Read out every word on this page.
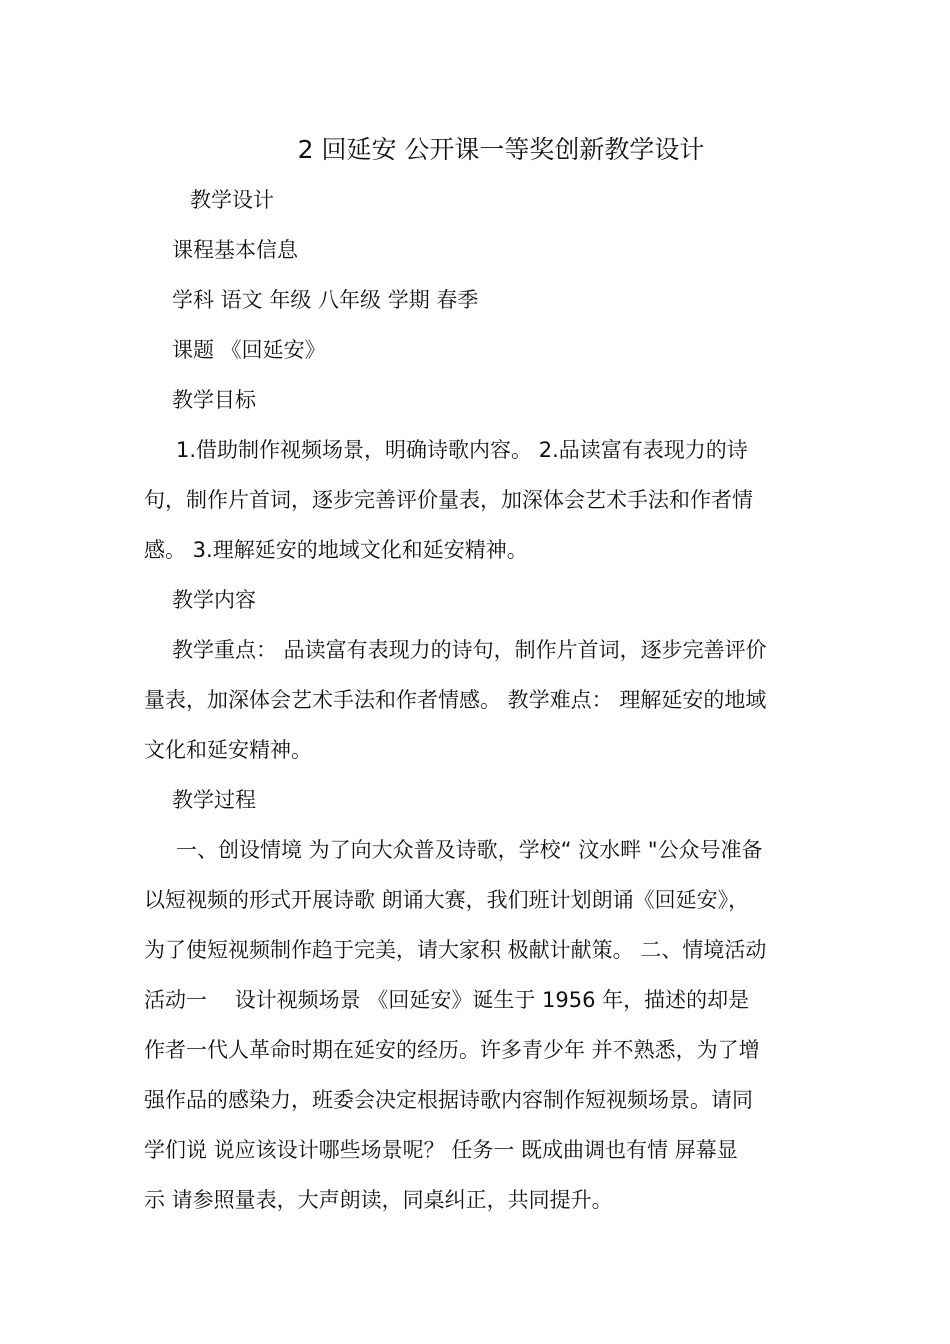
2 回延安 公开课一等奖创新教学设计
教学设计
课程基本信息
学科 语文 年级 八年级 学期 春季
课题 《回延安》
教学目标
1.借助制作视频场景，明确诗歌内容。 2.品读富有表现力的诗
句，制作片首词，逐步完善评价量表，加深体会艺术手法和作者情
感。 3.理解延安的地域文化和延安精神。
教学内容
教学重点： 品读富有表现力的诗句，制作片首词，逐步完善评价
量表，加深体会艺术手法和作者情感。 教学难点： 理解延安的地域
文化和延安精神。
教学过程
一、创设情境 为了向大众普及诗歌，学校“ 汶水畔 "公众号准备
以短视频的形式开展诗歌 朗诵大赛，我们班计划朗诵《回延安》，
为了使短视频制作趋于完美，请大家积 极献计献策。 二、情境活动
活动一　 设计视频场景 《回延安》诞生于 1956 年，描述的却是
作者一代人革命时期在延安的经历。许多青少年 并不熟悉，为了增
强作品的感染力，班委会决定根据诗歌内容制作短视频场景。请同
学们说 说应该设计哪些场景呢？ 任务一 既成曲调也有情 屏幕显
示 请参照量表，大声朗读，同桌纠正，共同提升。
